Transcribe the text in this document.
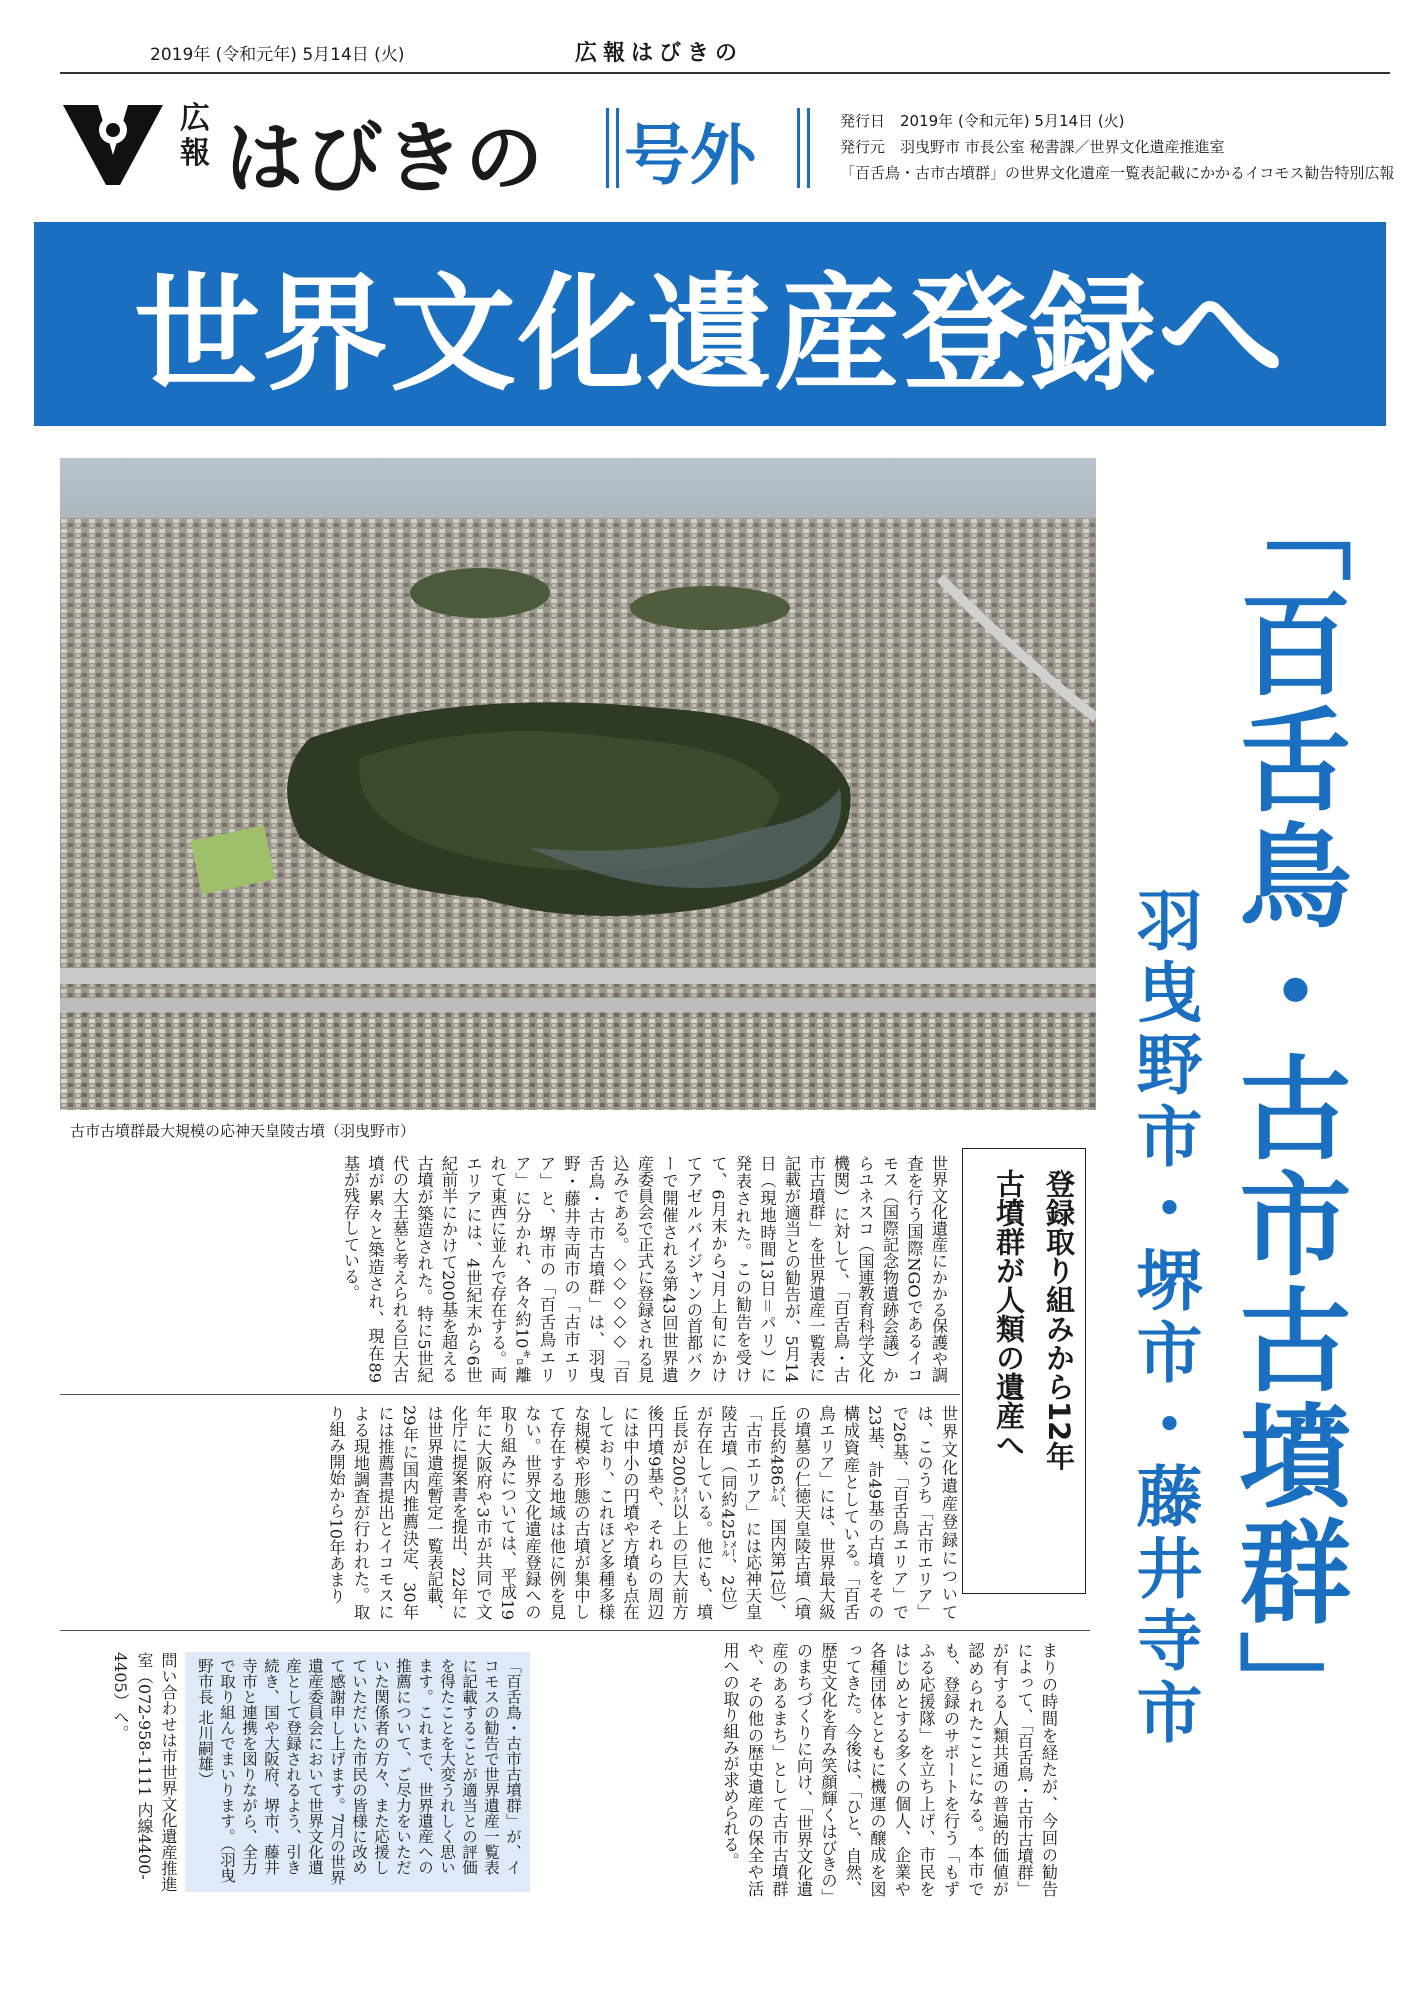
2019年 (令和元年) 5月14日 (火)	広報はびきの
広
報 はびきの 号外	発行日　2019年 (令和元年) 5月14日 (火)
発行元　羽曳野市 市長公室 秘書課／世界文化遺産推進室
「百舌鳥・古市古墳群」の世界文化遺産一覧表記載にかかるイコモス勧告特別広報
世界文化遺産登録へ
古市古墳群最大規模の応神天皇陵古墳（羽曳野市）	「百舌鳥・古市古墳群」
羽曳野市・堺市・藤井寺市
登録取り組みから12年
古墳群が人類の遺産へ
世界文化遺産にかかる保護や調査を行う国際NGOであるイコモス（国際記念物遺跡会議）からユネスコ（国連教育科学文化機関）に対して、「百舌鳥・古市古墳群」を世界遺産一覧表に記載が適当との勧告が、5月14日（現地時間13日＝パリ）に発表された。この勧告を受けて、6月末から7月上旬にかけてアゼルバイジャンの首都バクーで開催される第43回世界遺産委員会で正式に登録される見込みである。◇◇◇◇◇「百舌鳥・古市古墳群」は、羽曳野・藤井寺両市の「古市エリア」と、堺市の「百舌鳥エリア」に分かれ、各々約10㌔離れて東西に並んで存在する。両エリアには、4世紀末から6世紀前半にかけて200基を超える古墳が築造された。特に5世紀代の大王墓と考えられる巨大古墳が累々と築造され、現在89基が残存している。
世界文化遺産登録については、このうち「古市エリア」で26基、「百舌鳥エリア」で23基、計49基の古墳をその構成資産としている。「百舌鳥エリア」には、世界最大級の墳墓の仁徳天皇陵古墳（墳丘長約486㍍、国内第1位）、「古市エリア」には応神天皇陵古墳（同約425㍍、2位）が存在している。他にも、墳丘長が200㍍以上の巨大前方後円墳9基や、それらの周辺には中小の円墳や方墳も点在しており、これほど多種多様な規模や形態の古墳が集中して存在する地域は他に例を見ない。世界文化遺産登録への取り組みについては、平成19年に大阪府や3市が共同で文化庁に提案書を提出、22年には世界遺産暫定一覧表記載、29年に国内推薦決定、30年には推薦書提出とイコモスによる現地調査が行われた。取り組み開始から10年あまり
まりの時間を経たが、今回の勧告によって、「百舌鳥・古市古墳群」が有する人類共通の普遍的価値が認められたことになる。本市でも、登録のサポートを行う「もずふる応援隊」を立ち上げ、市民をはじめとする多くの個人、企業や各種団体とともに機運の醸成を図ってきた。今後は、「ひと、自然、歴史文化を育み笑顔輝くはびきの」のまちづくりに向け、「世界文化遺産のあるまち」として古市古墳群や、その他の歴史遺産の保全や活用への取り組みが求められる。
「百舌鳥・古市古墳群」が、イコモスの勧告で世界遺産一覧表に記載することが適当との評価を得たことを大変うれしく思います。これまで、世界遺産への推薦について、ご尽力をいただいた関係者の方々、また応援していただいた市民の皆様に改めて感謝申し上げます。7月の世界遺産委員会において世界文化遺産として登録されるよう、引き続き、国や大阪府、堺市、藤井寺市と連携を図りながら、全力で取り組んでまいります。（羽曳野市長 北川嗣雄）
問い合わせは市世界文化遺産推進室（072-958-1111 内線4400-4405）へ。
